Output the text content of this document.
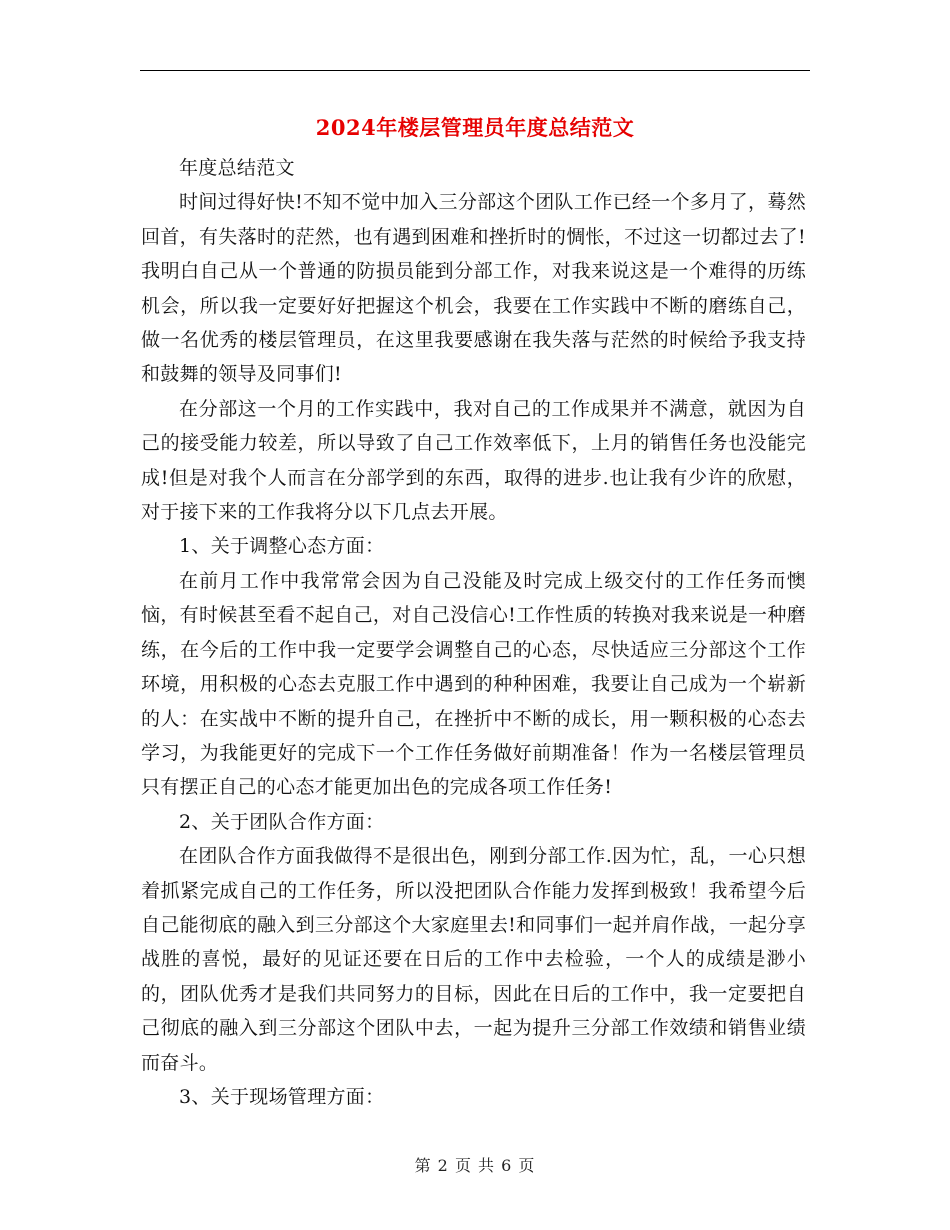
2024年楼层管理员年度总结范文

年度总结范文

时间过得好快!不知不觉中加入三分部这个团队工作已经一个多月了，蓦然回首，有失落时的茫然，也有遇到困难和挫折时的惆怅，不过这一切都过去了!我明白自己从一个普通的防损员能到分部工作，对我来说这是一个难得的历练机会，所以我一定要好好把握这个机会，我要在工作实践中不断的磨练自己，做一名优秀的楼层管理员，在这里我要感谢在我失落与茫然的时候给予我支持和鼓舞的领导及同事们!

在分部这一个月的工作实践中，我对自己的工作成果并不满意，就因为自己的接受能力较差，所以导致了自己工作效率低下，上月的销售任务也没能完成!但是对我个人而言在分部学到的东西，取得的进步.也让我有少许的欣慰，对于接下来的工作我将分以下几点去开展。

1、关于调整心态方面：

在前月工作中我常常会因为自己没能及时完成上级交付的工作任务而懊恼，有时候甚至看不起自己，对自己没信心!工作性质的转换对我来说是一种磨练，在今后的工作中我一定要学会调整自己的心态，尽快适应三分部这个工作环境，用积极的心态去克服工作中遇到的种种困难，我要让自己成为一个崭新的人：在实战中不断的提升自己，在挫折中不断的成长，用一颗积极的心态去学习，为我能更好的完成下一个工作任务做好前期准备！作为一名楼层管理员只有摆正自己的心态才能更加出色的完成各项工作任务!

2、关于团队合作方面：

在团队合作方面我做得不是很出色，刚到分部工作.因为忙，乱，一心只想着抓紧完成自己的工作任务，所以没把团队合作能力发挥到极致！我希望今后自己能彻底的融入到三分部这个大家庭里去!和同事们一起并肩作战，一起分享战胜的喜悦，最好的见证还要在日后的工作中去检验，一个人的成绩是渺小的，团队优秀才是我们共同努力的目标，因此在日后的工作中，我一定要把自己彻底的融入到三分部这个团队中去，一起为提升三分部工作效绩和销售业绩而奋斗。

3、关于现场管理方面：

第 2 页 共 6 页
